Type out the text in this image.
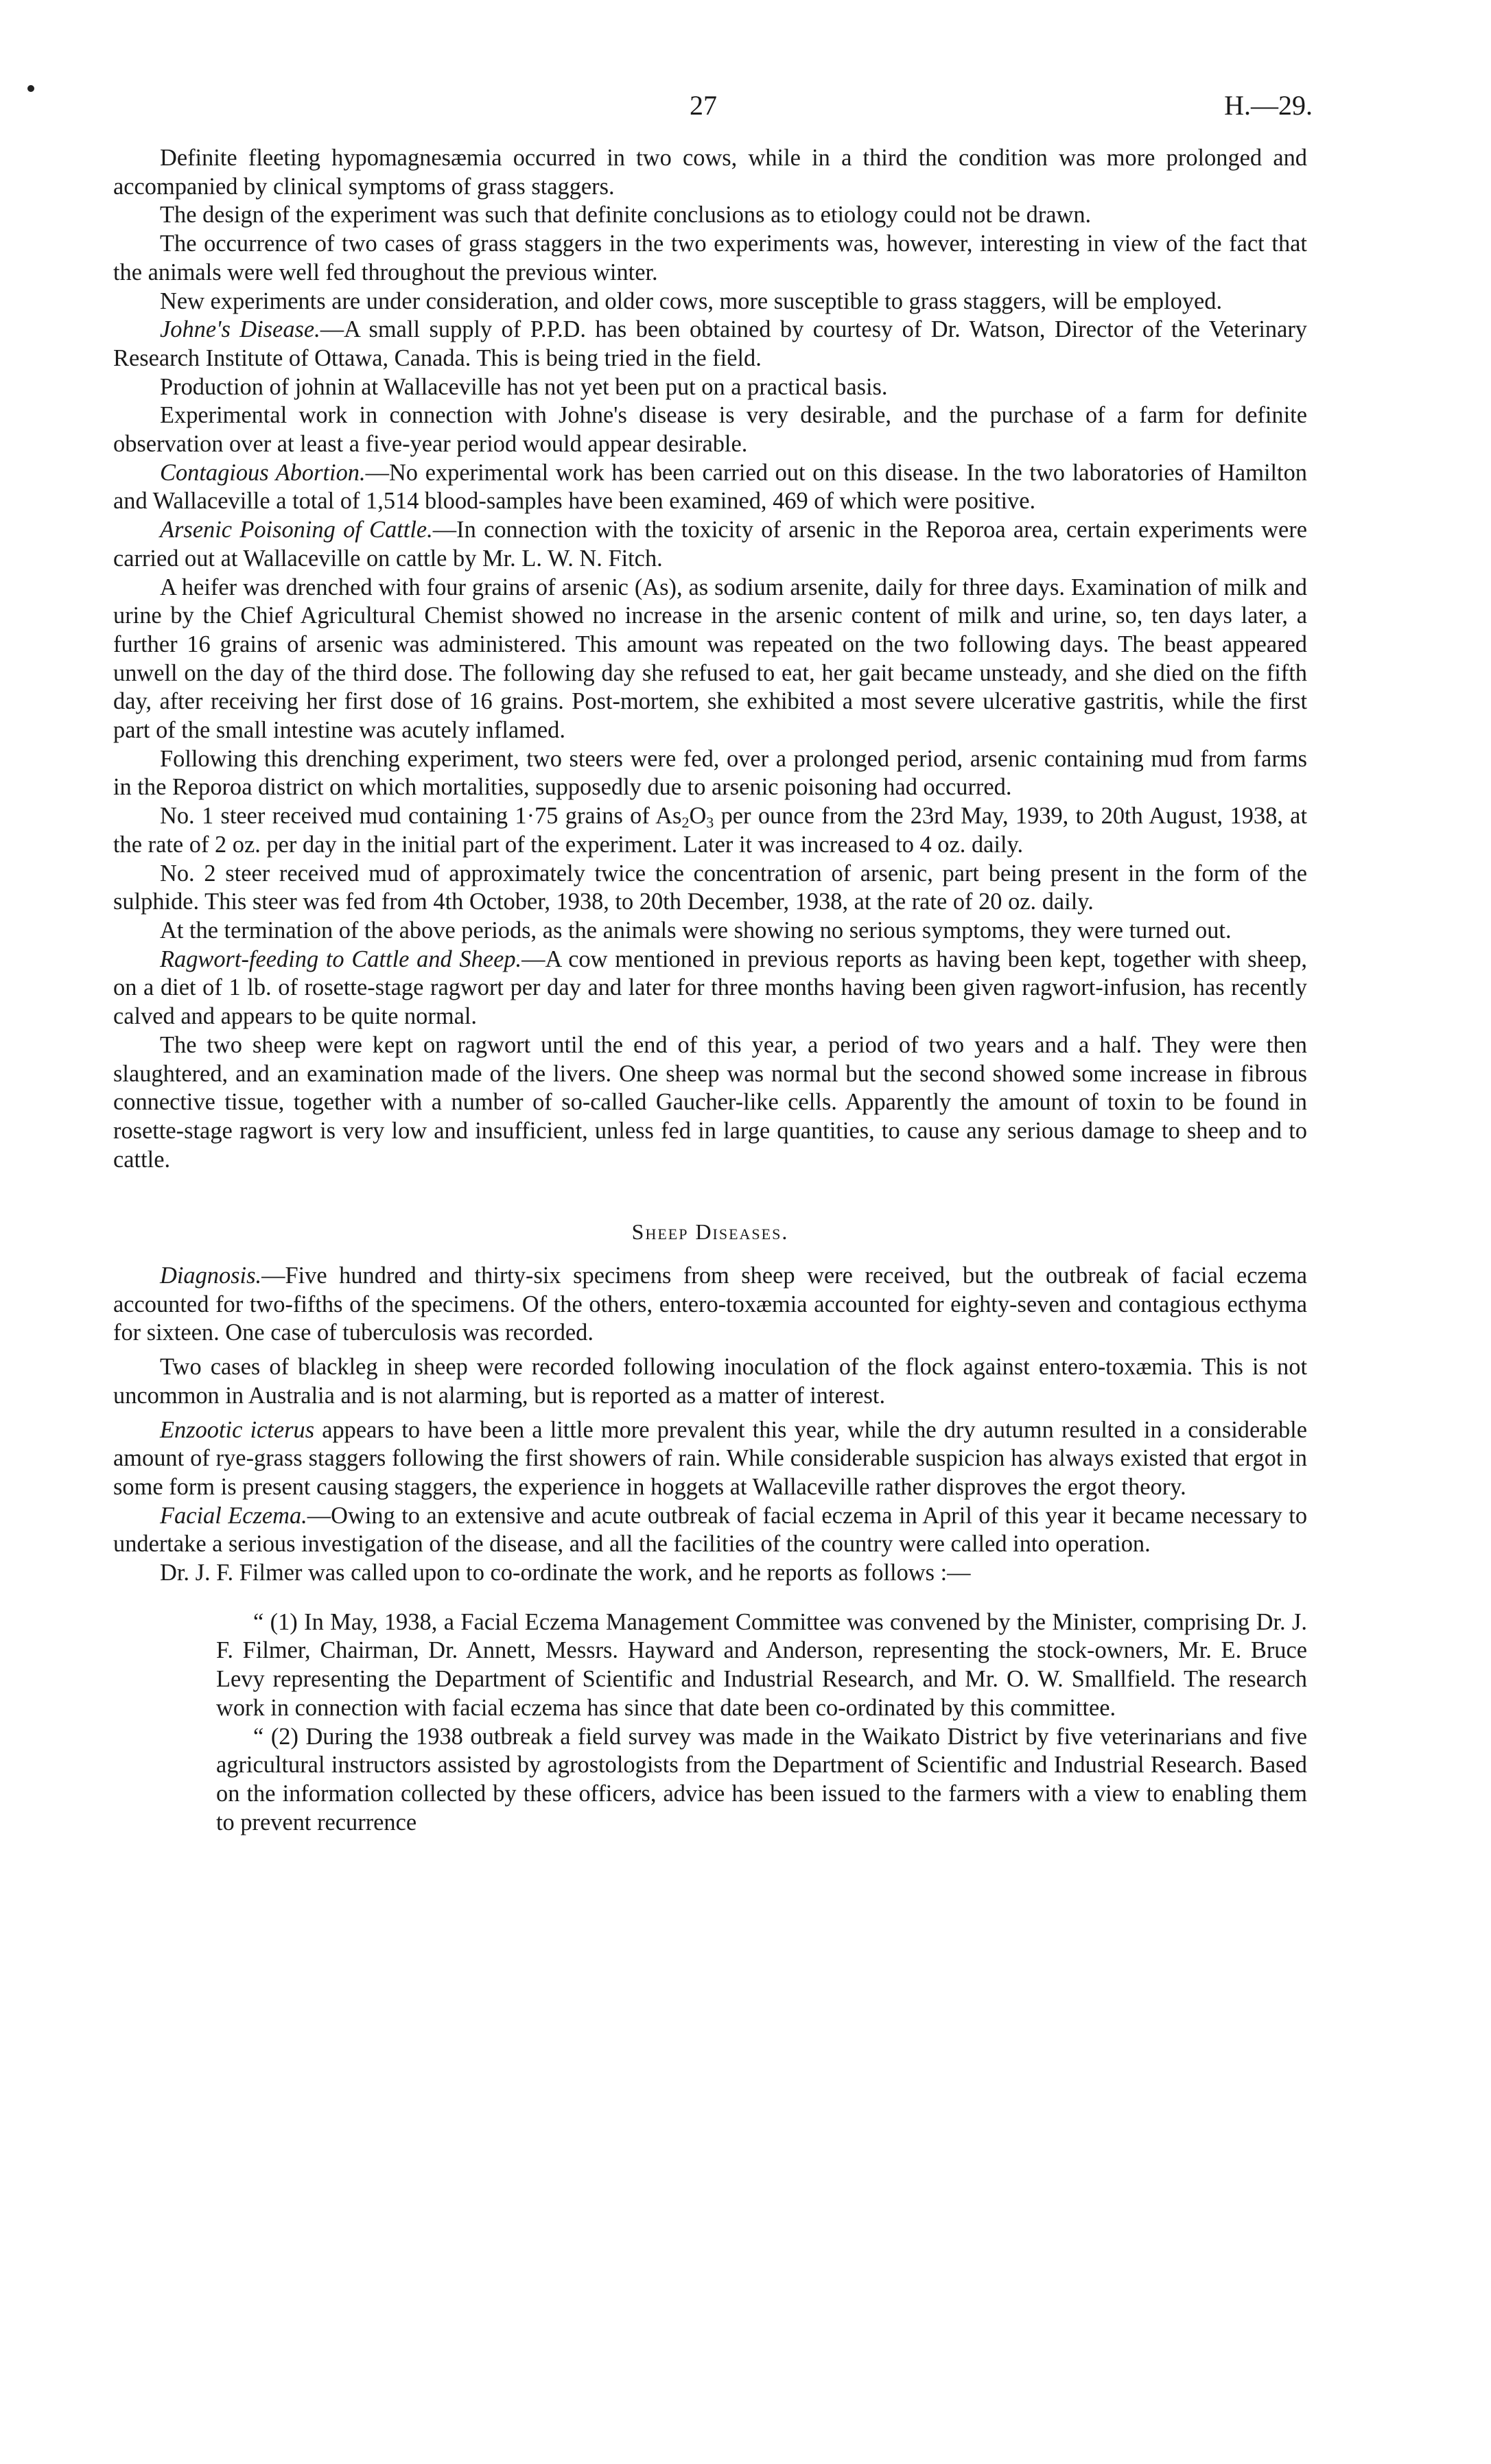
27	H.—29.

Definite fleeting hypomagnesæmia occurred in two cows, while in a third the condition was more prolonged and accompanied by clinical symptoms of grass staggers.

The design of the experiment was such that definite conclusions as to etiology could not be drawn.

The occurrence of two cases of grass staggers in the two experiments was, however, interesting in view of the fact that the animals were well fed throughout the previous winter.

New experiments are under consideration, and older cows, more susceptible to grass staggers, will be employed.

Johne's Disease.—A small supply of P.P.D. has been obtained by courtesy of Dr. Watson, Director of the Veterinary Research Institute of Ottawa, Canada. This is being tried in the field.

Production of johnin at Wallaceville has not yet been put on a practical basis.

Experimental work in connection with Johne's disease is very desirable, and the purchase of a farm for definite observation over at least a five-year period would appear desirable.

Contagious Abortion.—No experimental work has been carried out on this disease. In the two laboratories of Hamilton and Wallaceville a total of 1,514 blood-samples have been examined, 469 of which were positive.

Arsenic Poisoning of Cattle.—In connection with the toxicity of arsenic in the Reporoa area, certain experiments were carried out at Wallaceville on cattle by Mr. L. W. N. Fitch.

A heifer was drenched with four grains of arsenic (As), as sodium arsenite, daily for three days. Examination of milk and urine by the Chief Agricultural Chemist showed no increase in the arsenic content of milk and urine, so, ten days later, a further 16 grains of arsenic was administered. This amount was repeated on the two following days. The beast appeared unwell on the day of the third dose. The following day she refused to eat, her gait became unsteady, and she died on the fifth day, after receiving her first dose of 16 grains. Post-mortem, she exhibited a most severe ulcerative gastritis, while the first part of the small intestine was acutely inflamed.

Following this drenching experiment, two steers were fed, over a prolonged period, arsenic containing mud from farms in the Reporoa district on which mortalities, supposedly due to arsenic poisoning had occurred.

No. 1 steer received mud containing 1·75 grains of $As_2O_3$ per ounce from the 23rd May, 1939, to 20th August, 1938, at the rate of 2 oz. per day in the initial part of the experiment. Later it was increased to 4 oz. daily.

No. 2 steer received mud of approximately twice the concentration of arsenic, part being present in the form of the sulphide. This steer was fed from 4th October, 1938, to 20th December, 1938, at the rate of 20 oz. daily.

At the termination of the above periods, as the animals were showing no serious symptoms, they were turned out.

Ragwort-feeding to Cattle and Sheep.—A cow mentioned in previous reports as having been kept, together with sheep, on a diet of 1 lb. of rosette-stage ragwort per day and later for three months having been given ragwort-infusion, has recently calved and appears to be quite normal.

The two sheep were kept on ragwort until the end of this year, a period of two years and a half. They were then slaughtered, and an examination made of the livers. One sheep was normal but the second showed some increase in fibrous connective tissue, together with a number of so-called Gaucher-like cells. Apparently the amount of toxin to be found in rosette-stage ragwort is very low and insufficient, unless fed in large quantities, to cause any serious damage to sheep and to cattle.

Sheep Diseases.

Diagnosis.—Five hundred and thirty-six specimens from sheep were received, but the outbreak of facial eczema accounted for two-fifths of the specimens. Of the others, entero-toxæmia accounted for eighty-seven and contagious ecthyma for sixteen. One case of tuberculosis was recorded.

Two cases of blackleg in sheep were recorded following inoculation of the flock against entero-toxæmia. This is not uncommon in Australia and is not alarming, but is reported as a matter of interest.

Enzootic icterus appears to have been a little more prevalent this year, while the dry autumn resulted in a considerable amount of rye-grass staggers following the first showers of rain. While considerable suspicion has always existed that ergot in some form is present causing staggers, the experience in hoggets at Wallaceville rather disproves the ergot theory.

Facial Eczema.—Owing to an extensive and acute outbreak of facial eczema in April of this year it became necessary to undertake a serious investigation of the disease, and all the facilities of the country were called into operation.

Dr. J. F. Filmer was called upon to co-ordinate the work, and he reports as follows :—

“ (1) In May, 1938, a Facial Eczema Management Committee was convened by the Minister, comprising Dr. J. F. Filmer, Chairman, Dr. Annett, Messrs. Hayward and Anderson, representing the stock-owners, Mr. E. Bruce Levy representing the Department of Scientific and Industrial Research, and Mr. O. W. Smallfield. The research work in connection with facial eczema has since that date been co-ordinated by this committee.

“ (2) During the 1938 outbreak a field survey was made in the Waikato District by five veterinarians and five agricultural instructors assisted by agrostologists from the Department of Scientific and Industrial Research. Based on the information collected by these officers, advice has been issued to the farmers with a view to enabling them to prevent recurrence
